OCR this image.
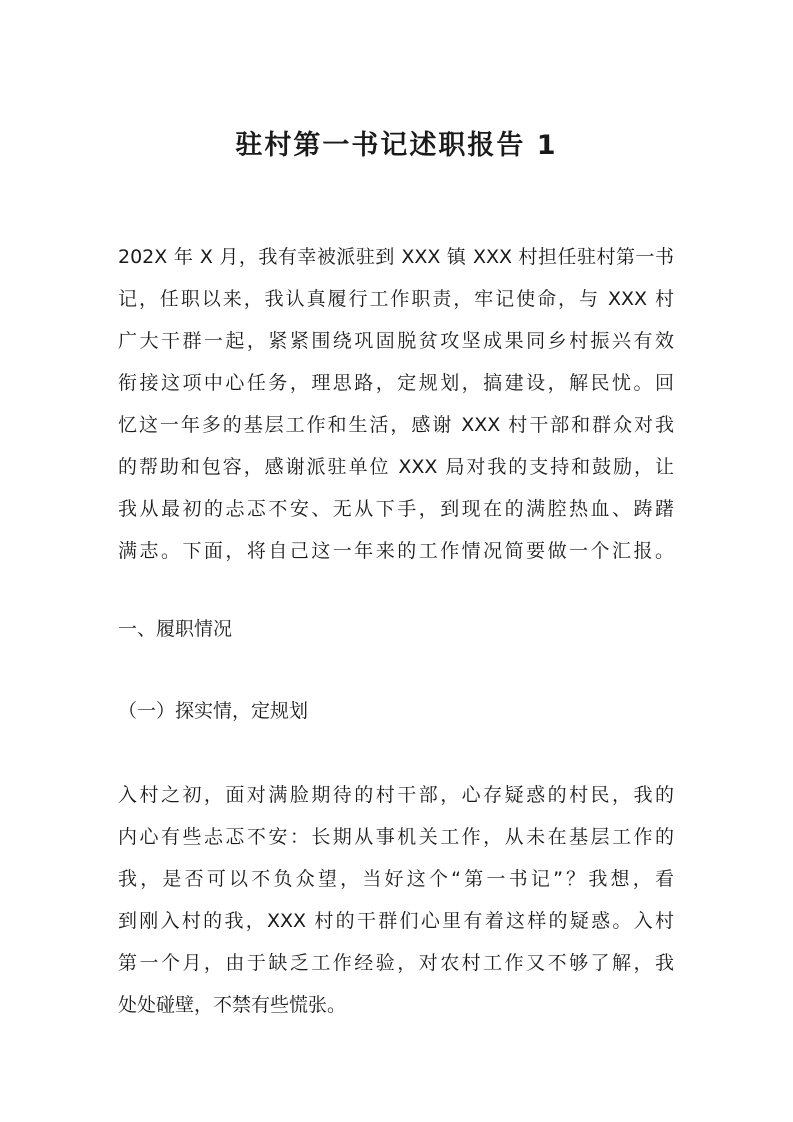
驻村第一书记述职报告 1
202X 年 X 月，我有幸被派驻到 XXX 镇 XXX 村担任驻村第一书
记，任职以来，我认真履行工作职责，牢记使命，与 XXX 村
广大干群一起，紧紧围绕巩固脱贫攻坚成果同乡村振兴有效
衔接这项中心任务，理思路，定规划，搞建设，解民忧。回
忆这一年多的基层工作和生活，感谢 XXX 村干部和群众对我
的帮助和包容，感谢派驻单位 XXX 局对我的支持和鼓励，让
我从最初的忐忑不安、无从下手，到现在的满腔热血、踌躇
满志。下面，将自己这一年来的工作情况简要做一个汇报。

一、履职情况

（一）探实情，定规划

入村之初，面对满脸期待的村干部，心存疑惑的村民，我的
内心有些忐忑不安：长期从事机关工作，从未在基层工作的
我，是否可以不负众望，当好这个“第一书记”？我想，看
到刚入村的我，XXX 村的干群们心里有着这样的疑惑。入村
第一个月，由于缺乏工作经验，对农村工作又不够了解，我
处处碰壁，不禁有些慌张。
